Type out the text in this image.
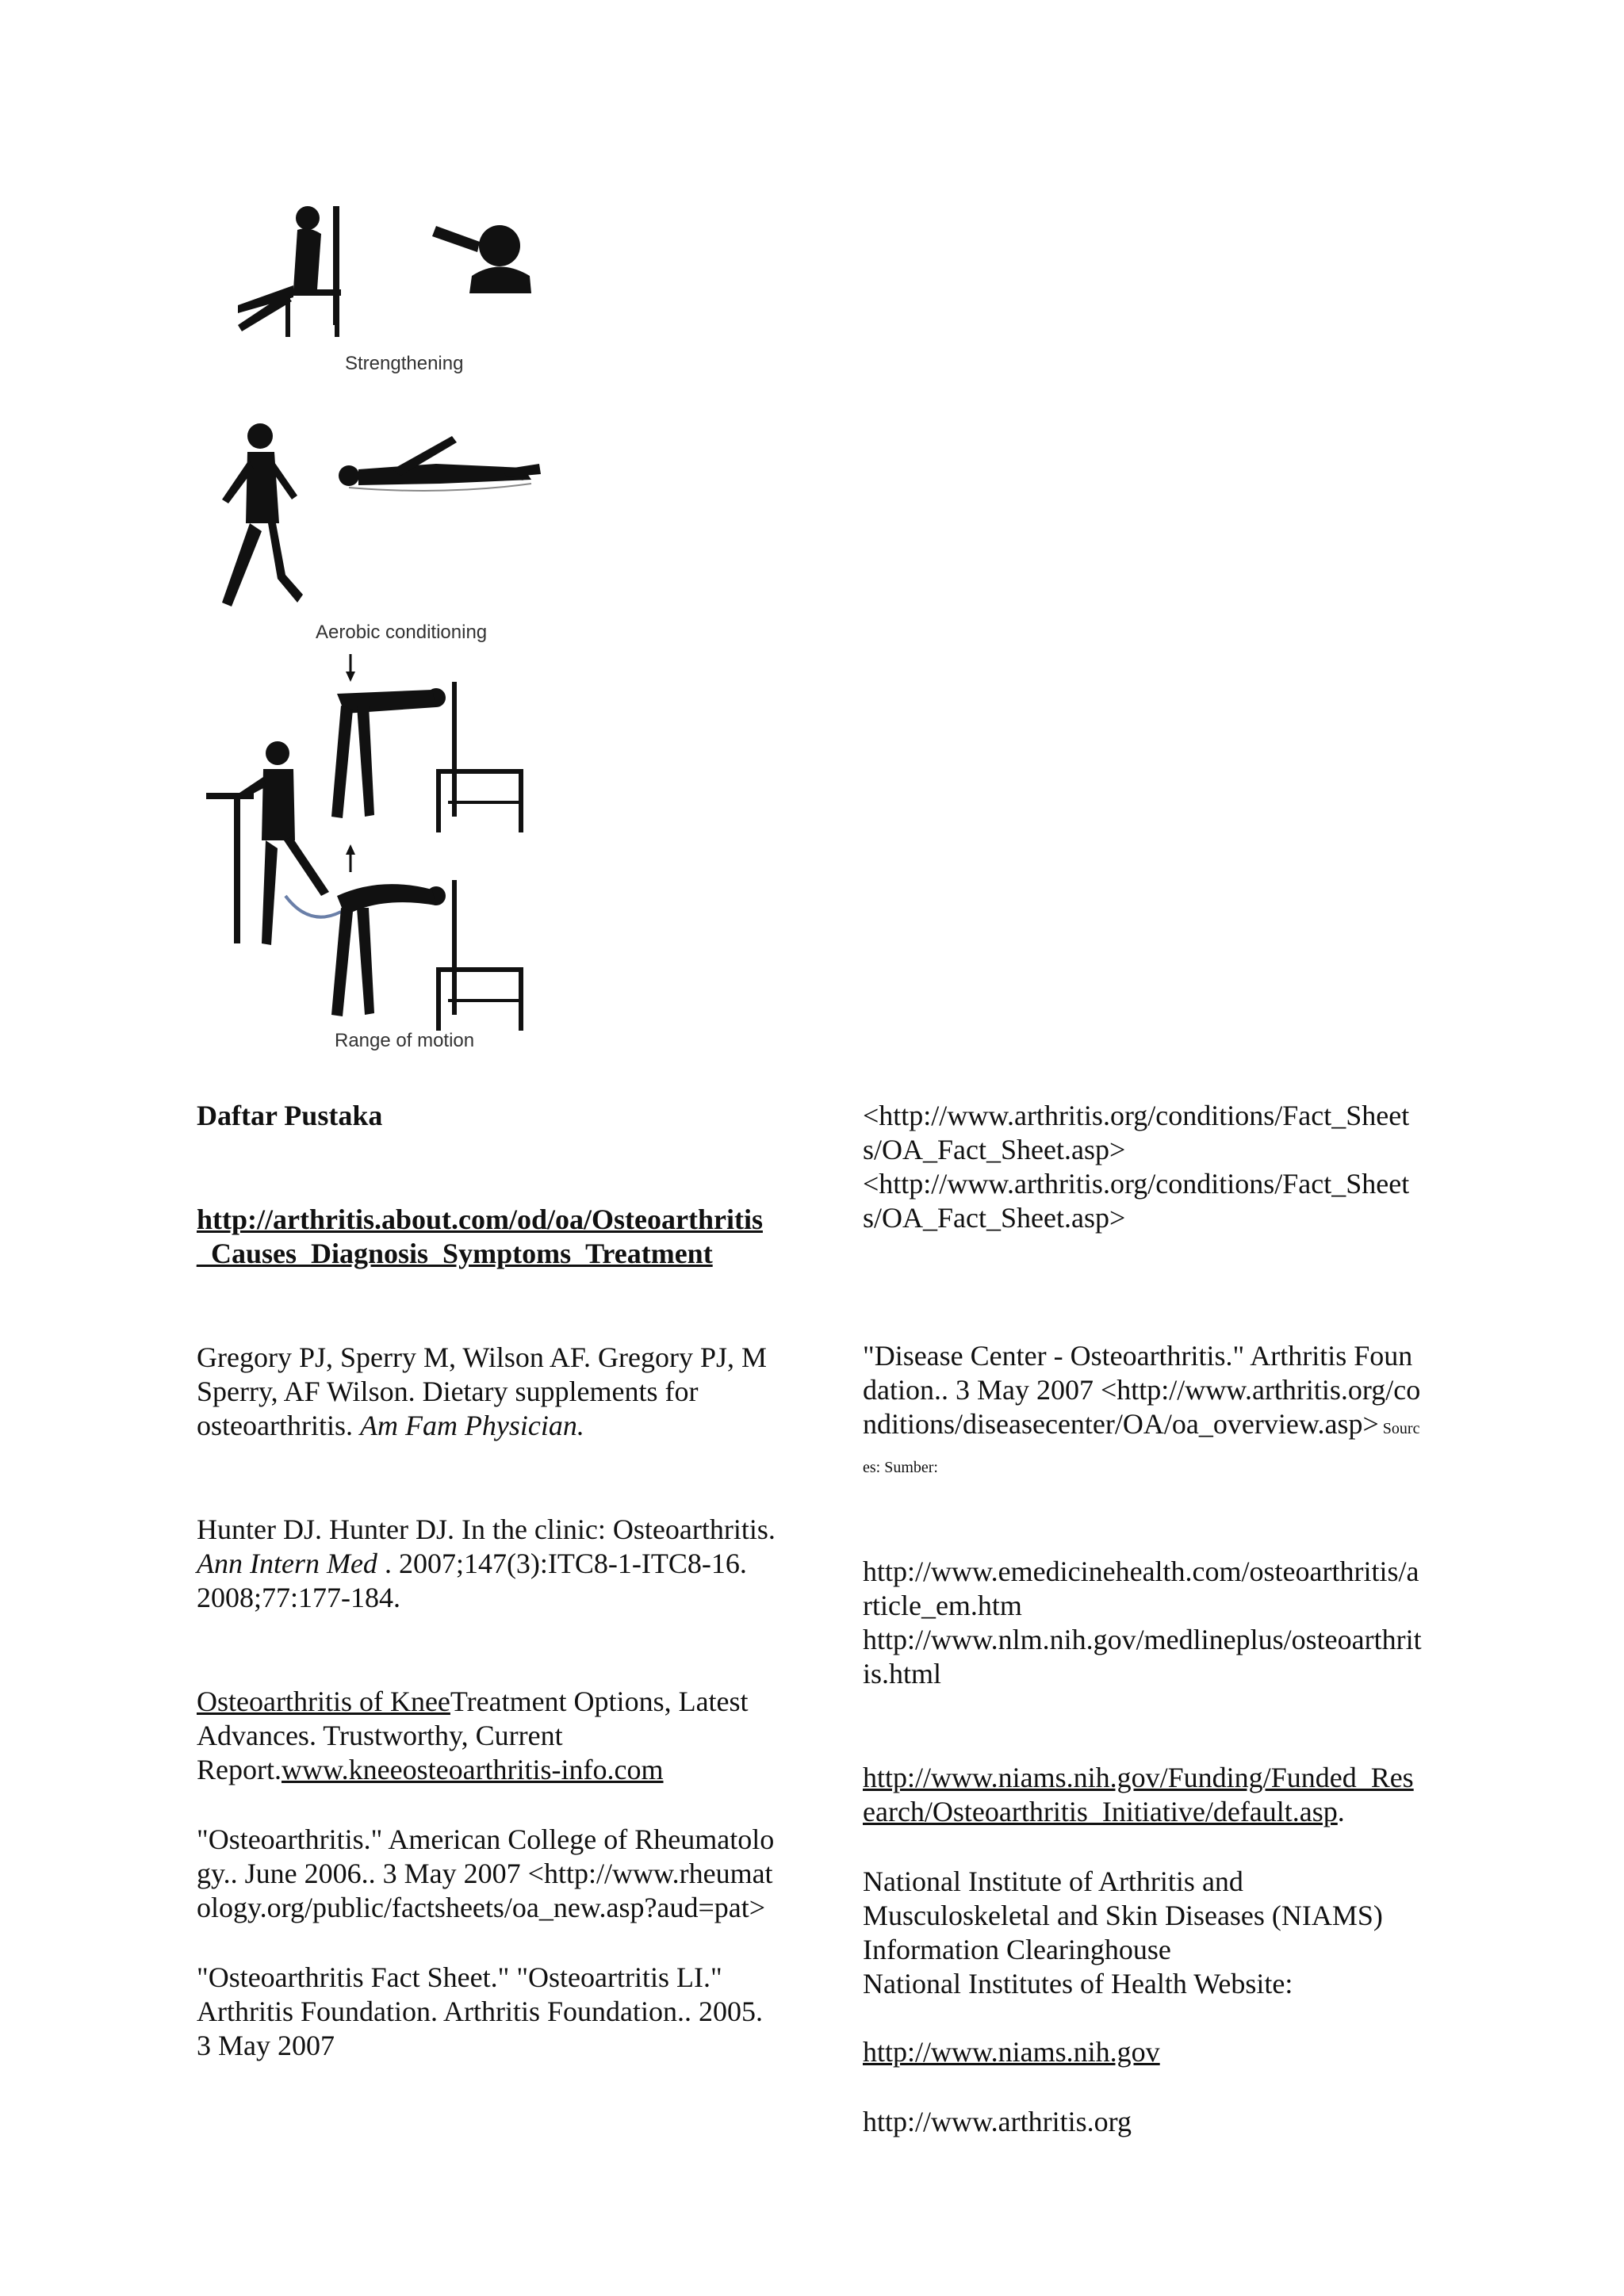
Strengthening
Aerobic conditioning
Range of motion
Daftar Pustaka

http://arthritis.about.com/od/oa/Osteoarthritis_Causes_Diagnosis_Symptoms_Treatment

Gregory PJ, Sperry M, Wilson AF. Gregory PJ, M Sperry, AF Wilson. Dietary supplements for osteoarthritis. Am Fam Physician.

Hunter DJ. Hunter DJ. In the clinic: Osteoarthritis. Ann Intern Med . 2007;147(3):ITC8-1-ITC8-16. 2008;77:177-184.

Osteoarthritis of KneeTreatment Options, Latest Advances. Trustworthy, Current Report.www.kneeosteoarthritis-info.com

"Osteoarthritis." American College of Rheumatology.. June 2006.. 3 May 2007 <http://www.rheumatology.org/public/factsheets/oa_new.asp?aud=pat>
"Osteoarthritis Fact Sheet." "Osteoartritis LI." Arthritis Foundation. Arthritis Foundation.. 2005. 3 May 2007
<http://www.arthritis.org/conditions/Fact_Sheets/OA_Fact_Sheet.asp>
<http://www.arthritis.org/conditions/Fact_Sheets/OA_Fact_Sheet.asp>

"Disease Center - Osteoarthritis." Arthritis Foundation.. 3 May 2007 <http://www.arthritis.org/conditions/diseasecenter/OA/oa_overview.asp> Sources: Sumber:

http://www.emedicinehealth.com/osteoarthritis/article_em.htm
http://www.nlm.nih.gov/medlineplus/osteoarthritis.html

http://www.niams.nih.gov/Funding/Funded_Research/Osteoarthritis_Initiative/default.asp.

National Institute of Arthritis and Musculoskeletal and Skin Diseases (NIAMS) Information Clearinghouse
National Institutes of Health Website:

http://www.niams.nih.gov

http://www.arthritis.org
